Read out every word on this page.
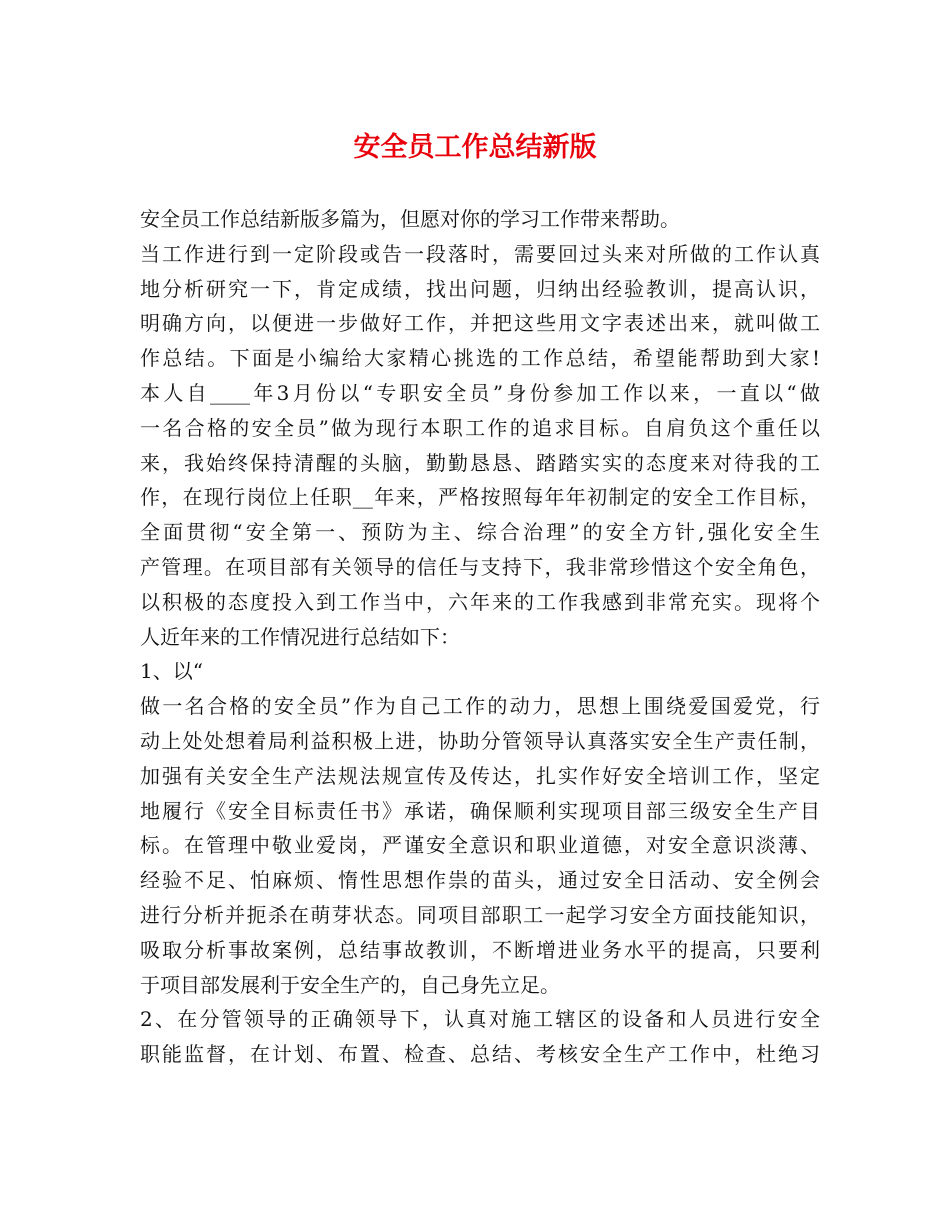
安全员工作总结新版
安全员工作总结新版多篇为，但愿对你的学习工作带来帮助。
当工作进行到一定阶段或告一段落时，需要回过头来对所做的工作认真
地分析研究一下，肯定成绩，找出问题，归纳出经验教训，提高认识，
明确方向，以便进一步做好工作，并把这些用文字表述出来，就叫做工
作总结。下面是小编给大家精心挑选的工作总结，希望能帮助到大家!
本人自____年3月份以“专职安全员”身份参加工作以来，一直以“做
一名合格的安全员”做为现行本职工作的追求目标。自肩负这个重任以
来，我始终保持清醒的头脑，勤勤恳恳、踏踏实实的态度来对待我的工
作，在现行岗位上任职__年来，严格按照每年年初制定的安全工作目标，
全面贯彻“安全第一、预防为主、综合治理”的安全方针,强化安全生
产管理。在项目部有关领导的信任与支持下，我非常珍惜这个安全角色，
以积极的态度投入到工作当中，六年来的工作我感到非常充实。现将个
人近年来的工作情况进行总结如下：
1、以“
做一名合格的安全员”作为自己工作的动力，思想上围绕爱国爱党，行
动上处处想着局利益积极上进，协助分管领导认真落实安全生产责任制，
加强有关安全生产法规法规宣传及传达，扎实作好安全培训工作，坚定
地履行《安全目标责任书》承诺，确保顺利实现项目部三级安全生产目
标。在管理中敬业爱岗，严谨安全意识和职业道德，对安全意识淡薄、
经验不足、怕麻烦、惰性思想作祟的苗头，通过安全日活动、安全例会
进行分析并扼杀在萌芽状态。同项目部职工一起学习安全方面技能知识，
吸取分析事故案例，总结事故教训，不断增进业务水平的提高，只要利
于项目部发展利于安全生产的，自己身先立足。
2、在分管领导的正确领导下，认真对施工辖区的设备和人员进行安全
职能监督，在计划、布置、检查、总结、考核安全生产工作中，杜绝习
